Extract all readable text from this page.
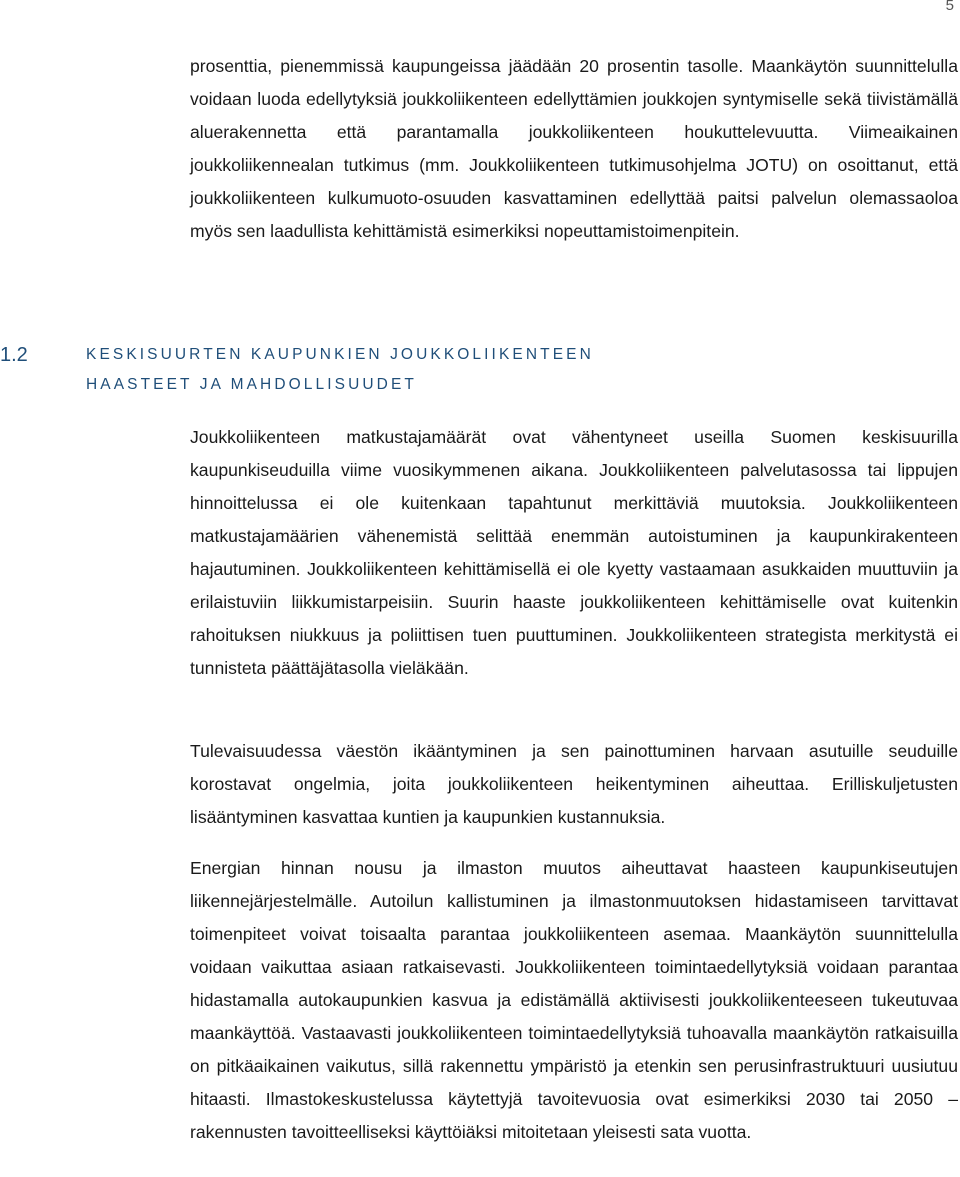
5

prosenttia, pienemmissä kaupungeissa jäädään 20 prosentin tasolle. Maankäytön suunnittelulla voidaan luoda edellytyksiä joukkoliikenteen edellyttämien joukkojen syntymiselle sekä tiivistämällä aluerakennetta että parantamalla joukkoliikenteen houkuttelevuutta. Viimeaikainen joukkoliikennealan tutkimus (mm. Joukkoliikenteen tutkimusohjelma JOTU) on osoittanut, että joukkoliikenteen kulkumuoto-osuuden kasvattaminen edellyttää paitsi palvelun olemassaoloa myös sen laadullista kehittämistä esimerkiksi nopeuttamistoimenpitein.

1.2	KESKISUURTEN KAUPUNKIEN JOUKKOLIIKENTEEN
HAASTEET JA MAHDOLLISUUDET

Joukkoliikenteen matkustajamäärät ovat vähentyneet useilla Suomen keskisuurilla kaupunkiseuduilla viime vuosikymmenen aikana. Joukkoliikenteen palvelutasossa tai lippujen hinnoittelussa ei ole kuitenkaan tapahtunut merkittäviä muutoksia. Joukkoliikenteen matkustajamäärien vähenemistä selittää enemmän autoistuminen ja kaupunkirakenteen hajautuminen. Joukkoliikenteen kehittämisellä ei ole kyetty vastaamaan asukkaiden muuttuviin ja erilaistuviin liikkumistarpeisiin. Suurin haaste joukkoliikenteen kehittämiselle ovat kuitenkin rahoituksen niukkuus ja poliittisen tuen puuttuminen. Joukkoliikenteen strategista merkitystä ei tunnisteta päättäjätasolla vieläkään.

Tulevaisuudessa väestön ikääntyminen ja sen painottuminen harvaan asutuille seuduille korostavat ongelmia, joita joukkoliikenteen heikentyminen aiheuttaa. Erilliskuljetusten lisääntyminen kasvattaa kuntien ja kaupunkien kustannuksia.

Energian hinnan nousu ja ilmaston muutos aiheuttavat haasteen kaupunkiseutujen liikennejärjestelmälle. Autoilun kallistuminen ja ilmastonmuutoksen hidastamiseen tarvittavat toimenpiteet voivat toisaalta parantaa joukkoliikenteen asemaa. Maankäytön suunnittelulla voidaan vaikuttaa asiaan ratkaisevasti. Joukkoliikenteen toimintaedellytyksiä voidaan parantaa hidastamalla autokaupunkien kasvua ja edistämällä aktiivisesti joukkoliikenteeseen tukeutuvaa maankäyttöä. Vastaavasti joukkoliikenteen toimintaedellytyksiä tuhoavalla maankäytön ratkaisuilla on pitkäaikainen vaikutus, sillä rakennettu ympäristö ja etenkin sen perusinfrastruktuuri uusiutuu hitaasti. Ilmastokeskustelussa käytettyjä tavoitevuosia ovat esimerkiksi 2030 tai 2050 – rakennusten tavoitteelliseksi käyttöiäksi mitoitetaan yleisesti sata vuotta.
